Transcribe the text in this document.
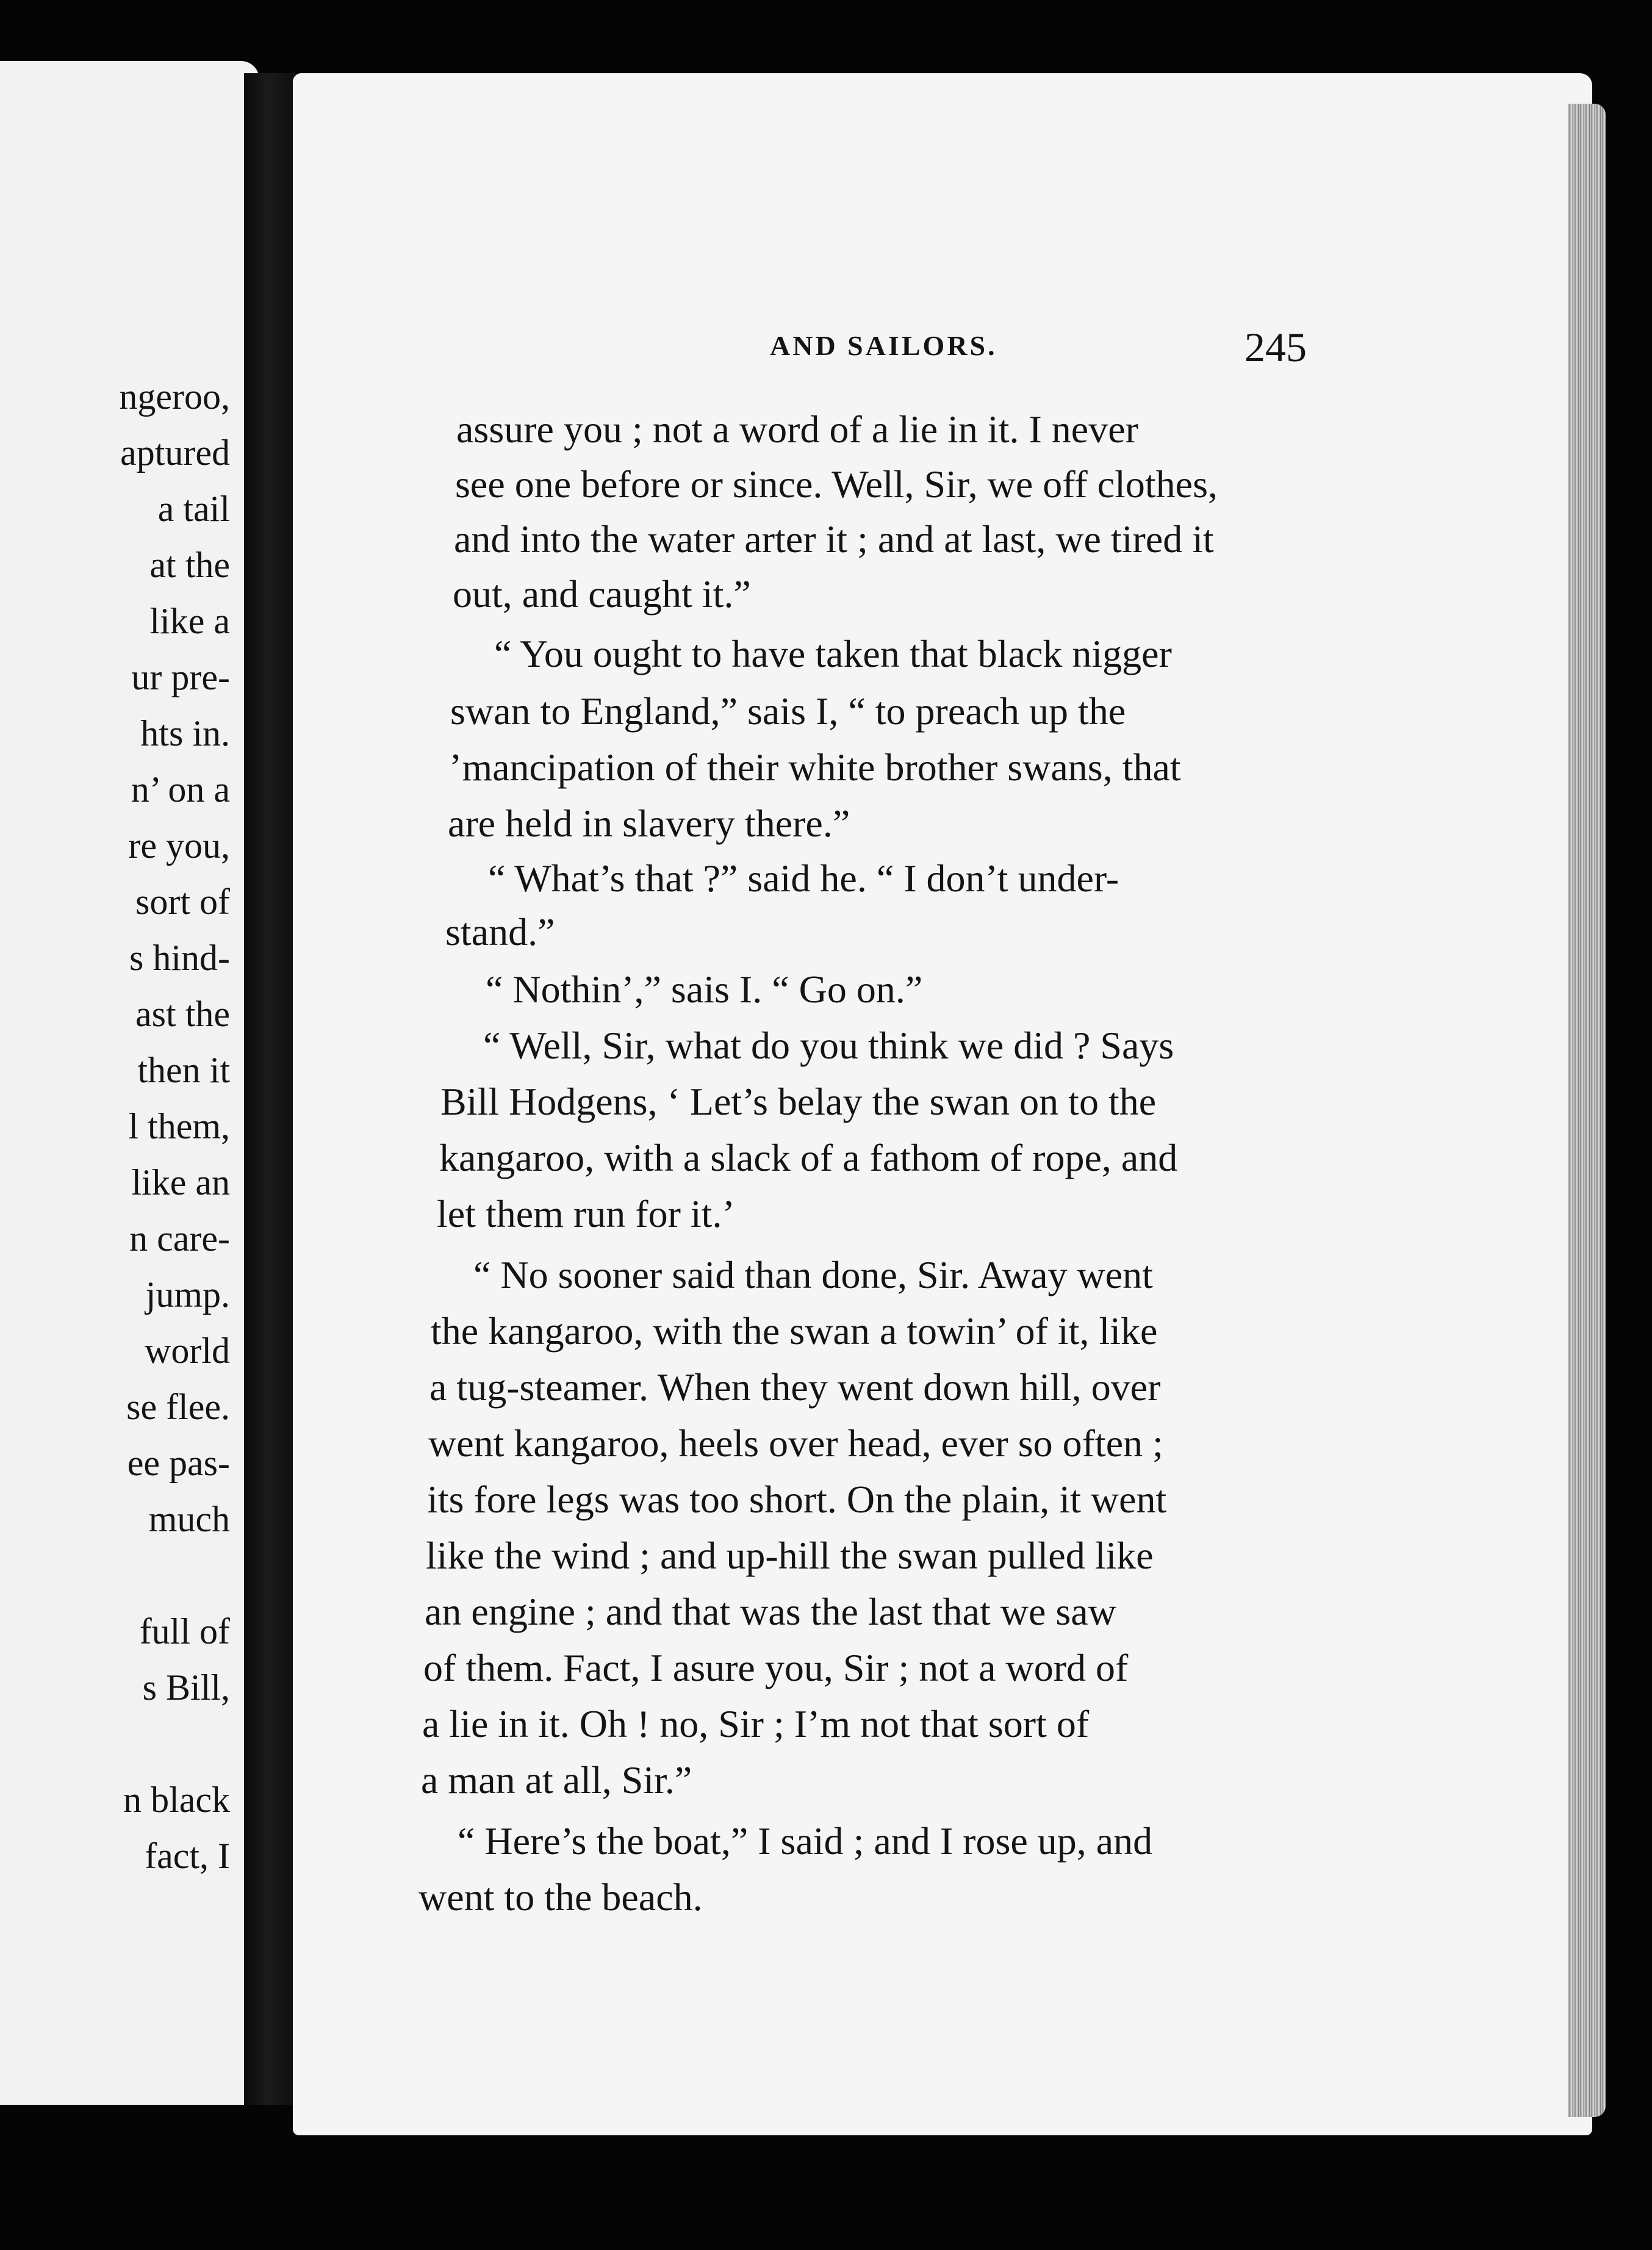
ngeroo,
aptured
a tail
at the
like a
ur pre-
hts in.
n’ on a
re you,
sort of
s hind-
ast the
then it
l them,
like an
n care-
jump.
world
se flee.
ee pas-
much
full of
s Bill,
n black
fact, I
AND SAILORS.	245
assure you ; not a word of a lie in it. I never
see one before or since. Well, Sir, we off clothes,
and into the water arter it ; and at last, we tired it
out, and caught it.”
“ You ought to have taken that black nigger
swan to England,” sais I, “ to preach up the
’mancipation of their white brother swans, that
are held in slavery there.”
“ What’s that ?” said he. “ I don’t under-
stand.”
“ Nothin’,” sais I. “ Go on.”
“ Well, Sir, what do you think we did ? Says
Bill Hodgens, ‘ Let’s belay the swan on to the
kangaroo, with a slack of a fathom of rope, and
let them run for it.’
“ No sooner said than done, Sir. Away went
the kangaroo, with the swan a towin’ of it, like
a tug-steamer. When they went down hill, over
went kangaroo, heels over head, ever so often ;
its fore legs was too short. On the plain, it went
like the wind ; and up-hill the swan pulled like
an engine ; and that was the last that we saw
of them. Fact, I asure you, Sir ; not a word of
a lie in it. Oh ! no, Sir ; I’m not that sort of
a man at all, Sir.”
“ Here’s the boat,” I said ; and I rose up, and
went to the beach.
